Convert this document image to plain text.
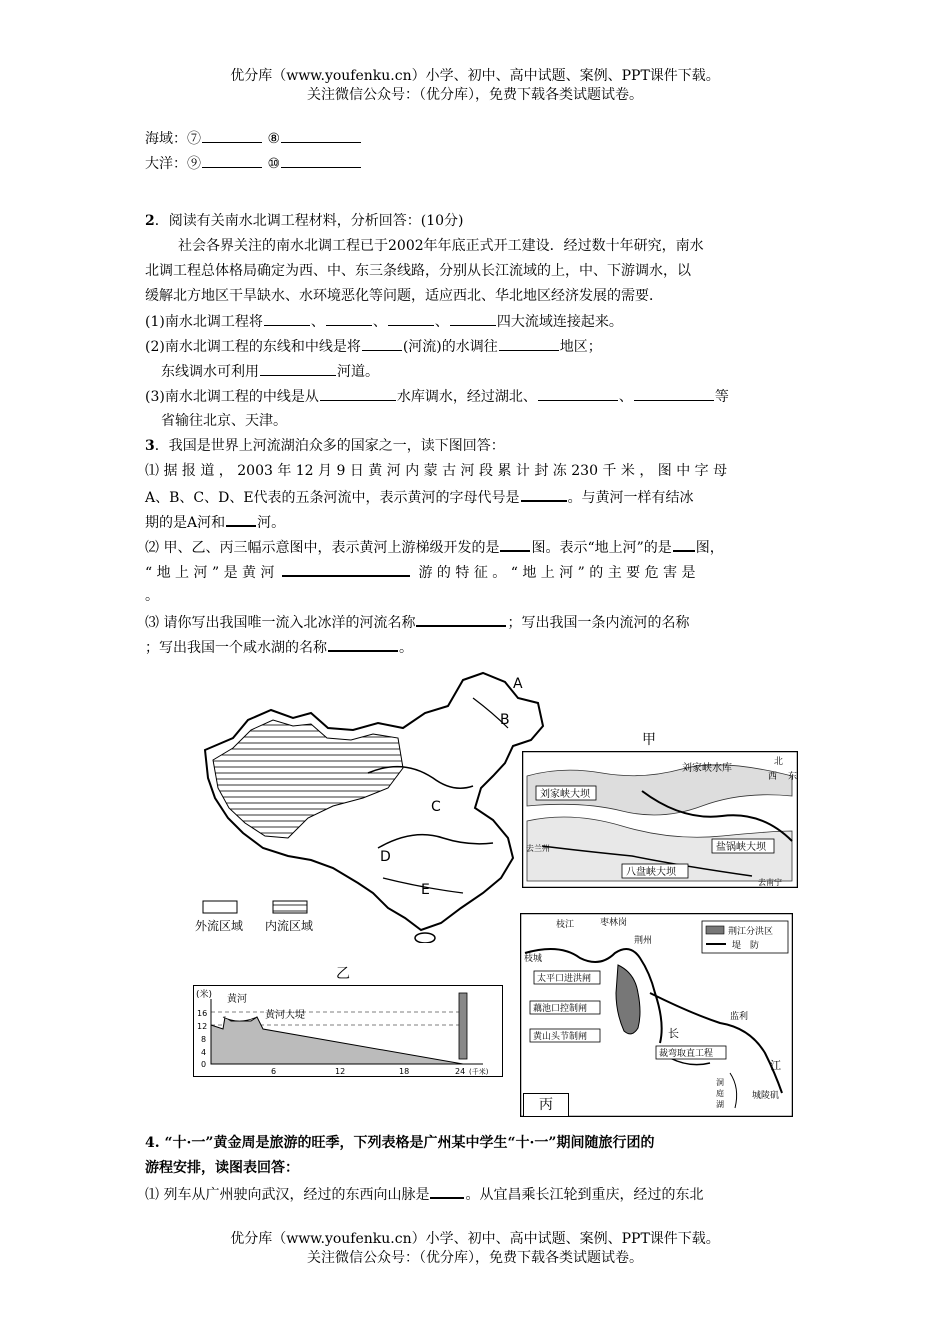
优分库（www.youfenku.cn）小学、初中、高中试题、案例、PPT课件下载。
关注微信公众号：（优分库），免费下载各类试题试卷。
海域：⑦	⑧
大洋：⑨	⑩
2．阅读有关南水北调工程材料，分析回答：(10分)
社会各界关注的南水北调工程已于2002年年底正式开工建设．经过数十年研究，南水
北调工程总体格局确定为西、中、东三条线路，分别从长江流域的上，中、下游调水，以
缓解北方地区干旱缺水、水环境恶化等问题，适应西北、华北地区经济发展的需要．
(1)南水北调工程将	、	、	、	四大流域连接起来。
(2)南水北调工程的东线和中线是将	(河流)的水调往	地区；
东线调水可利用	河道。
(3)南水北调工程的中线是从	水库调水，经过湖北、	、	等
省输往北京、天津。
3．我国是世界上河流湖泊众多的国家之一，读下图回答：
⑴ 据 报 道 ， 2003 年 12 月 9 日 黄 河 内 蒙 古 河 段 累 计 封 冻 230 千 米 ， 图 中 字 母
A、B、C、D、E代表的五条河流中，表示黄河的字母代号是	。与黄河一样有结冰
期的是A河和 河。
⑵ 甲、乙、丙三幅示意图中，表示黄河上游梯级开发的是 图。表示“地上河”的是 图，
“ 地 上 河 ” 是 黄 河	游 的 特 征 。 “ 地 上 河 ” 的 主 要 危 害 是
。
⑶ 请你写出我国唯一流入北冰洋的河流名称	；写出我国一条内流河的名称
；写出我国一个咸水湖的名称	。
A
B
C
D
E
外流区域 内流区域
甲
刘家峡水库
北
西 东
刘家峡大坝
盐锅峡大坝
八盘峡大坝
去兰州
去南宁
乙
(米) 黄河
黄河大堤
16
12
8
4
0
6	12	18	24 (千米)
荆江分洪区
堤　防
枝江	枣林岗
荆州
枝城
太平口进洪闸
藕池口控制闸
黄山头节制闸
裁弯取直工程
监利
长
江
洞
庭
湖
城陵矶
丙
4. “十·一”黄金周是旅游的旺季，下列表格是广州某中学生“十·一”期间随旅行团的
游程安排，读图表回答：
⑴ 列车从广州驶向武汉，经过的东西向山脉是	。从宜昌乘长江轮到重庆，经过的东北
优分库（www.youfenku.cn）小学、初中、高中试题、案例、PPT课件下载。
关注微信公众号：（优分库），免费下载各类试题试卷。
